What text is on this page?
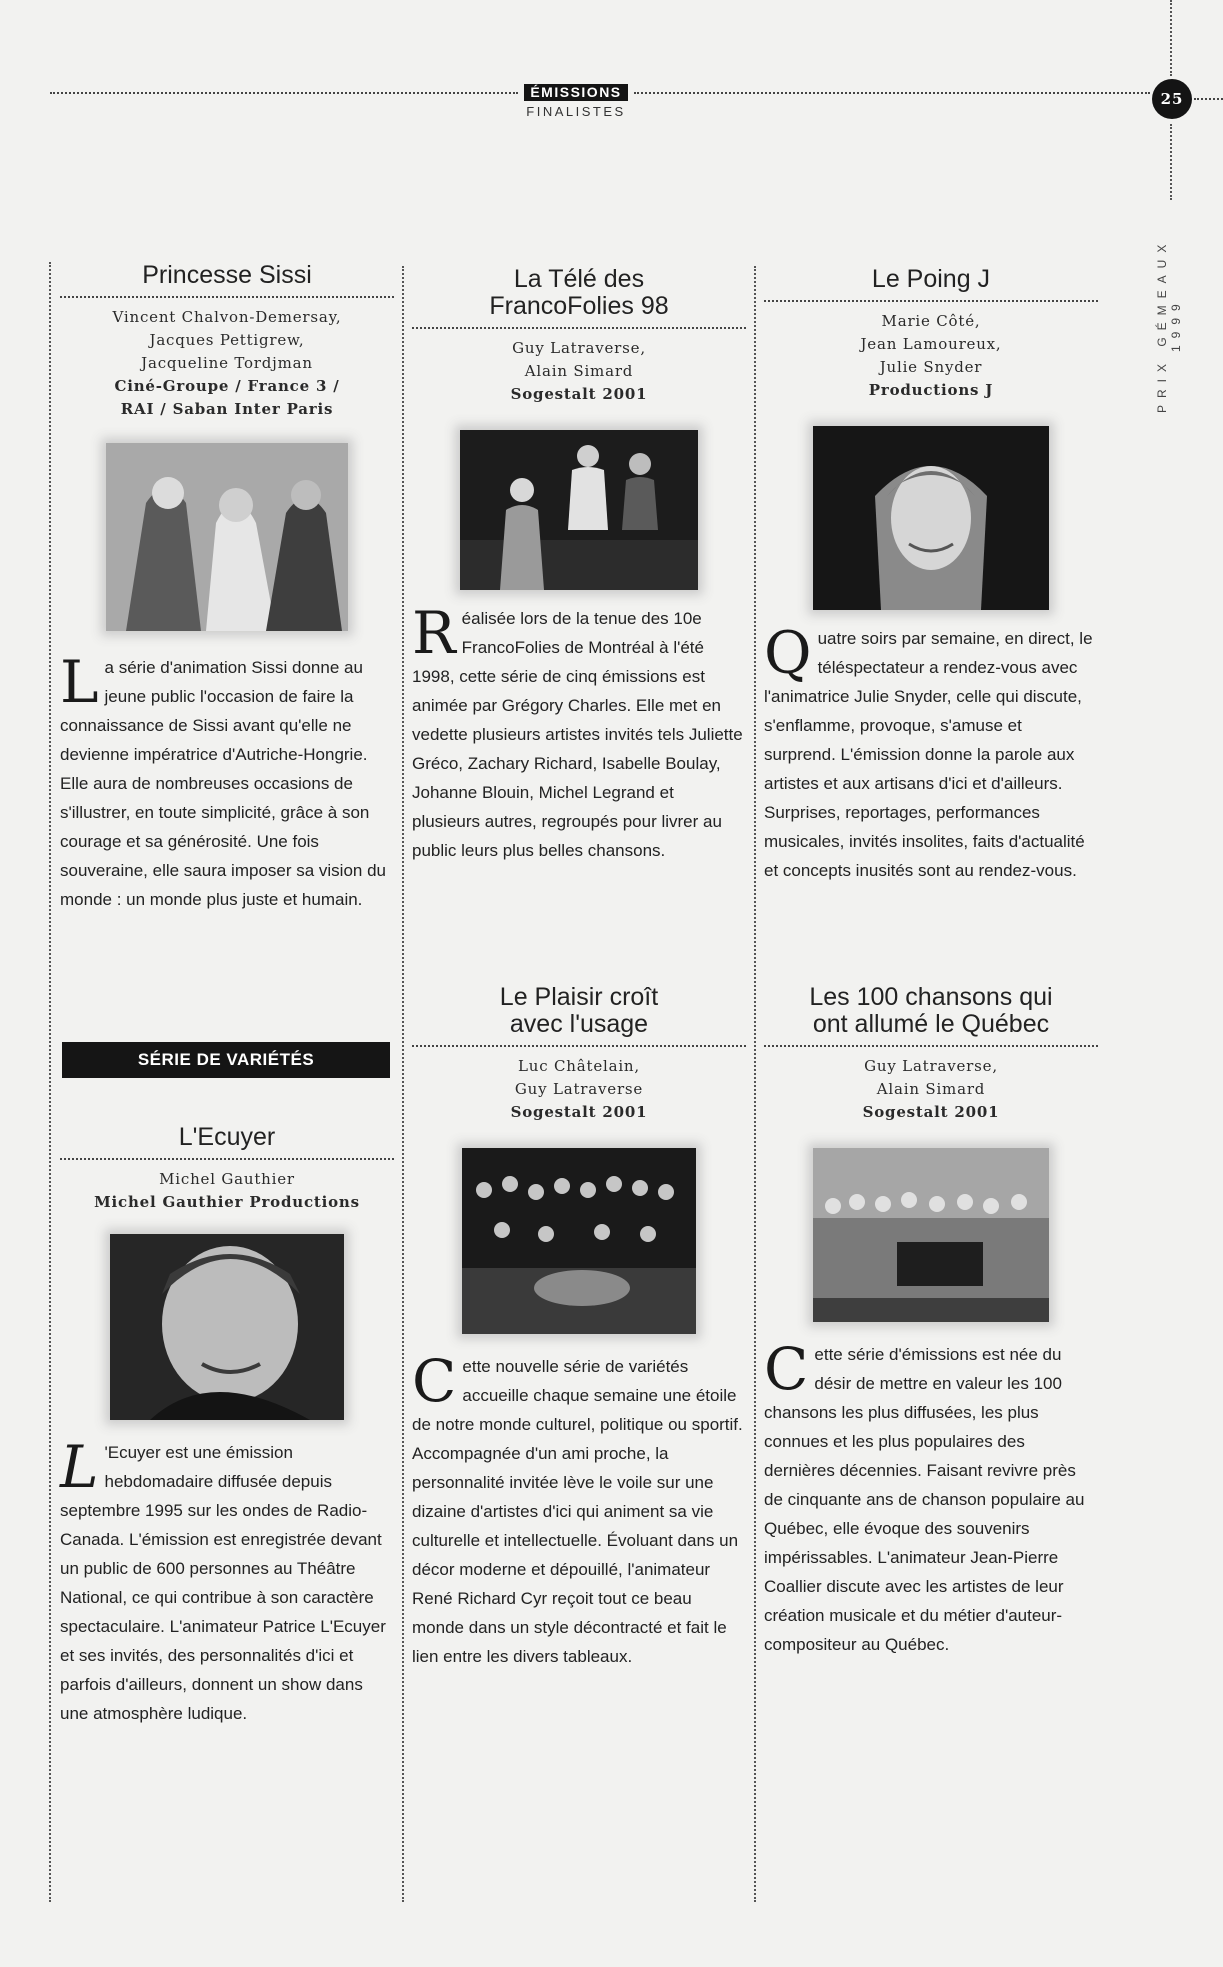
ÉMISSIONS
FINALISTES
25
PRIX GÉMEAUX 1999
Princesse Sissi
Vincent Chalvon-Demersay,
Jacques Pettigrew,
Jacqueline Tordjman
Ciné-Groupe / France 3 /
RAI / Saban Inter Paris
L a série d'animation Sissi donne au jeune public l'occasion de faire la connaissance de Sissi avant qu'elle ne devienne impératrice d'Autriche-Hongrie. Elle aura de nombreuses occasions de s'illustrer, en toute simplicité, grâce à son courage et sa générosité. Une fois souveraine, elle saura imposer sa vision du monde : un monde plus juste et humain.
La Télé des FrancoFolies 98
Guy Latraverse,
Alain Simard
Sogestalt 2001
R éalisée lors de la tenue des 10e FrancoFolies de Montréal à l'été 1998, cette série de cinq émissions est animée par Grégory Charles. Elle met en vedette plusieurs artistes invités tels Juliette Gréco, Zachary Richard, Isabelle Boulay, Johanne Blouin, Michel Legrand et plusieurs autres, regroupés pour livrer au public leurs plus belles chansons.
Le Poing J
Marie Côté,
Jean Lamoureux,
Julie Snyder
Productions J
Q uatre soirs par semaine, en direct, le téléspectateur a rendez-vous avec l'animatrice Julie Snyder, celle qui discute, s'enflamme, provoque, s'amuse et surprend. L'émission donne la parole aux artistes et aux artisans d'ici et d'ailleurs. Surprises, reportages, performances musicales, invités insolites, faits d'actualité et concepts inusités sont au rendez-vous.
SÉRIE DE VARIÉTÉS
L'Ecuyer
Michel Gauthier
Michel Gauthier Productions
L 'Ecuyer est une émission hebdomadaire diffusée depuis septembre 1995 sur les ondes de Radio-Canada. L'émission est enregistrée devant un public de 600 personnes au Théâtre National, ce qui contribue à son caractère spectaculaire. L'animateur Patrice L'Ecuyer et ses invités, des personnalités d'ici et parfois d'ailleurs, donnent un show dans une atmosphère ludique.
Le Plaisir croît avec l'usage
Luc Châtelain,
Guy Latraverse
Sogestalt 2001
C ette nouvelle série de variétés accueille chaque semaine une étoile de notre monde culturel, politique ou sportif. Accompagnée d'un ami proche, la personnalité invitée lève le voile sur une dizaine d'artistes d'ici qui animent sa vie culturelle et intellectuelle. Évoluant dans un décor moderne et dépouillé, l'animateur René Richard Cyr reçoit tout ce beau monde dans un style décontracté et fait le lien entre les divers tableaux.
Les 100 chansons qui ont allumé le Québec
Guy Latraverse,
Alain Simard
Sogestalt 2001
C ette série d'émissions est née du désir de mettre en valeur les 100 chansons les plus diffusées, les plus connues et les plus populaires des dernières décennies. Faisant revivre près de cinquante ans de chanson populaire au Québec, elle évoque des souvenirs impérissables. L'animateur Jean-Pierre Coallier discute avec les artistes de leur création musicale et du métier d'auteur-compositeur au Québec.
